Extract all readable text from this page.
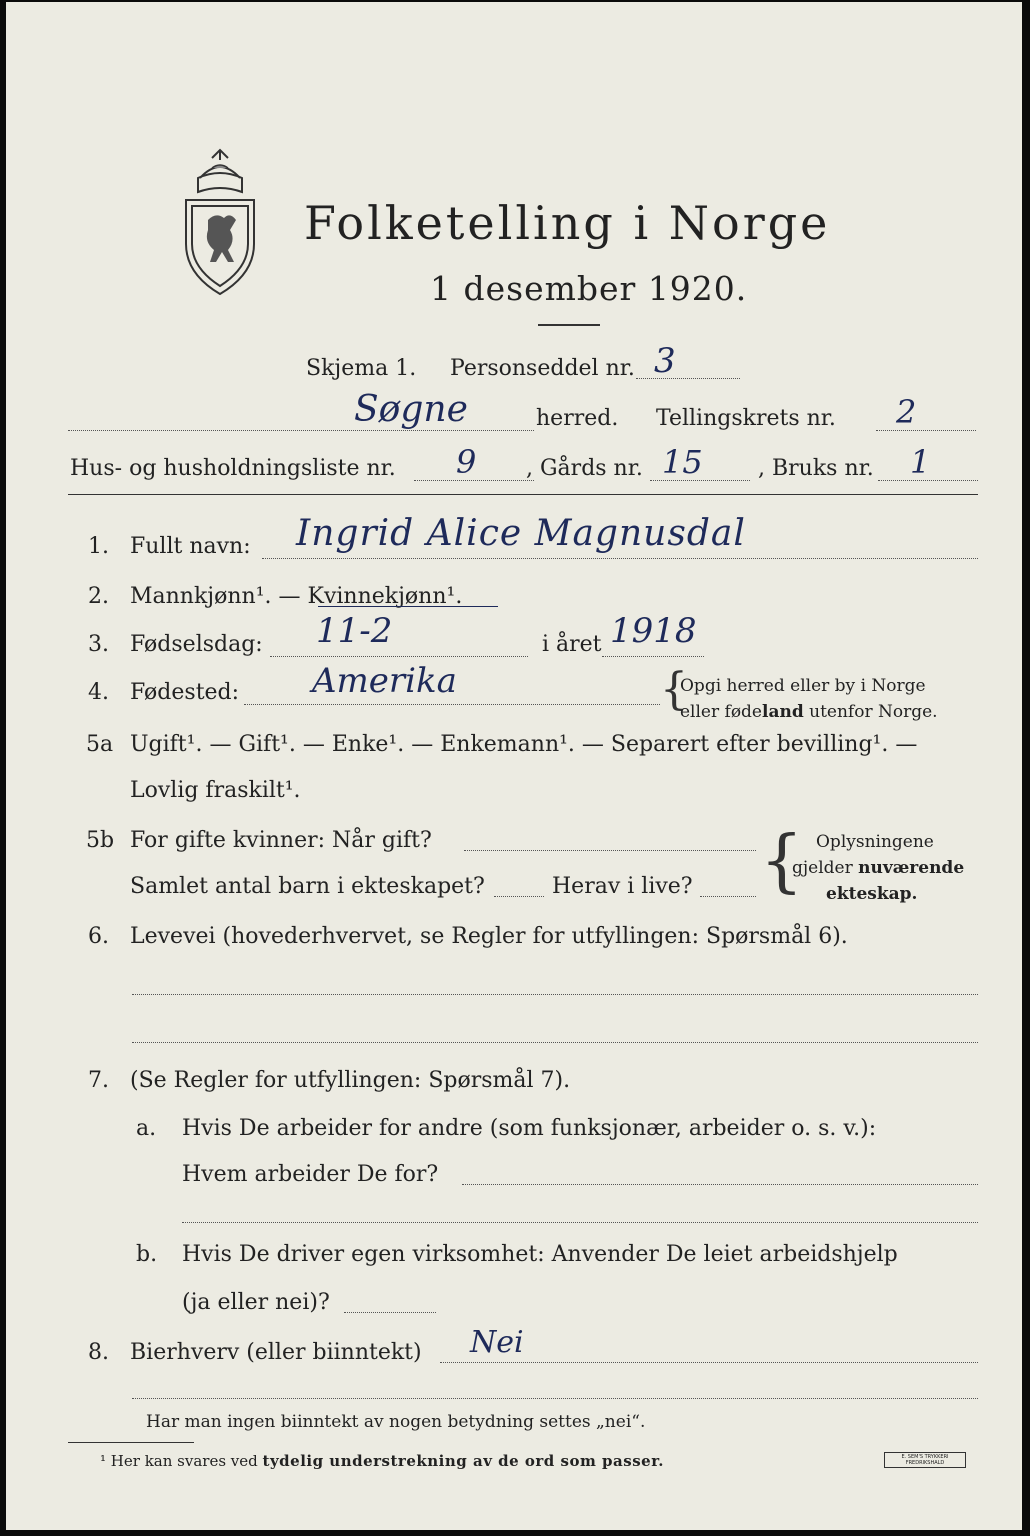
Folketelling i Norge
1 desember 1920.
Skjema 1. Personseddel nr. 3
Søgne	herred. Tellingskrets nr. 2
Hus- og husholdningsliste nr. 9 , Gårds nr. 15	, Bruks nr. 1
1. Fullt navn: Ingrid Alice Magnusdal
2. Mannkjønn¹. — Kvinnekjønn¹.
3. Fødselsdag: 11-2	i året 1918
4. Fødested: Amerika	{
Opgi herred eller by i Norge
eller fødeland utenfor Norge.
5a Ugift¹. — Gift¹. — Enke¹. — Enkemann¹. — Separert efter bevilling¹. —
Lovlig fraskilt¹.
5b For gifte kvinner: Når gift?
Samlet antal barn i ekteskapet?	Herav i live? { Oplysningene
gjelder nuværende
ekteskap.
6. Levevei (hovederhvervet, se Regler for utfyllingen: Spørsmål 6).
7. (Se Regler for utfyllingen: Spørsmål 7).
a. Hvis De arbeider for andre (som funksjonær, arbeider o. s. v.):
Hvem arbeider De for?
b. Hvis De driver egen virksomhet: Anvender De leiet arbeidshjelp
(ja eller nei)?
8. Bierhverv (eller biinntekt) Nei
Har man ingen biinntekt av nogen betydning settes „nei“.
¹ Her kan svares ved tydelig understrekning av de ord som passer.	E. SEM'S TRYKKERI FREDRIKSHALD
